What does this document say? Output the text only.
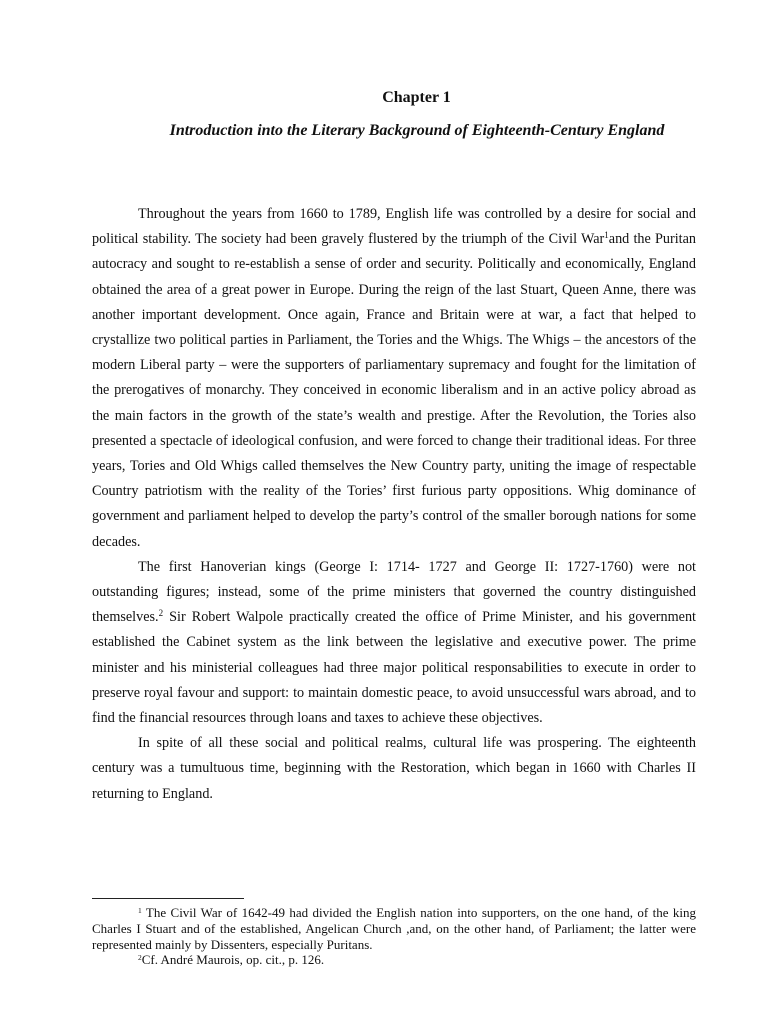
Chapter 1
Introduction into the Literary Background of Eighteenth-Century England

Throughout the years from 1660 to 1789, English life was controlled by a desire for social and political stability. The society had been gravely flustered by the triumph of the Civil War$^1$and the Puritan autocracy and sought to re-establish a sense of order and security. Politically and economically, England obtained the area of a great power in Europe. During the reign of the last Stuart, Queen Anne, there was another important development. Once again, France and Britain were at war, a fact that helped to crystallize two political parties in Parliament, the Tories and the Whigs. The Whigs – the ancestors of the modern Liberal party – were the supporters of parliamentary supremacy and fought for the limitation of the prerogatives of monarchy. They conceived in economic liberalism and in an active policy abroad as the main factors in the growth of the state’s wealth and prestige. After the Revolution, the Tories also presented a spectacle of ideological confusion, and were forced to change their traditional ideas. For three years, Tories and Old Whigs called themselves the New Country party, uniting the image of respectable Country patriotism with the reality of the Tories’ first furious party oppositions. Whig dominance of government and parliament helped to develop the party’s control of the smaller borough nations for some decades.

The first Hanoverian kings (George I: 1714- 1727 and George II: 1727-1760) were not outstanding figures; instead, some of the prime ministers that governed the country distinguished themselves.$^2$ Sir Robert Walpole practically created the office of Prime Minister, and his government established the Cabinet system as the link between the legislative and executive power. The prime minister and his ministerial colleagues had three major political responsabilities to execute in order to preserve royal favour and support: to maintain domestic peace, to avoid unsuccessful wars abroad, and to find the financial resources through loans and taxes to achieve these objectives.

In spite of all these social and political realms, cultural life was prospering. The eighteenth century was a tumultuous time, beginning with the Restoration, which began in 1660 with Charles II returning to England.

$^1$ The Civil War of 1642-49 had divided the English nation into supporters, on the one hand, of the king Charles I Stuart and of the established, Angelican Church ,and, on the other hand, of Parliament; the latter were represented mainly by Dissenters, especially Puritans.

$^2$Cf. André Maurois, op. cit., p. 126.
